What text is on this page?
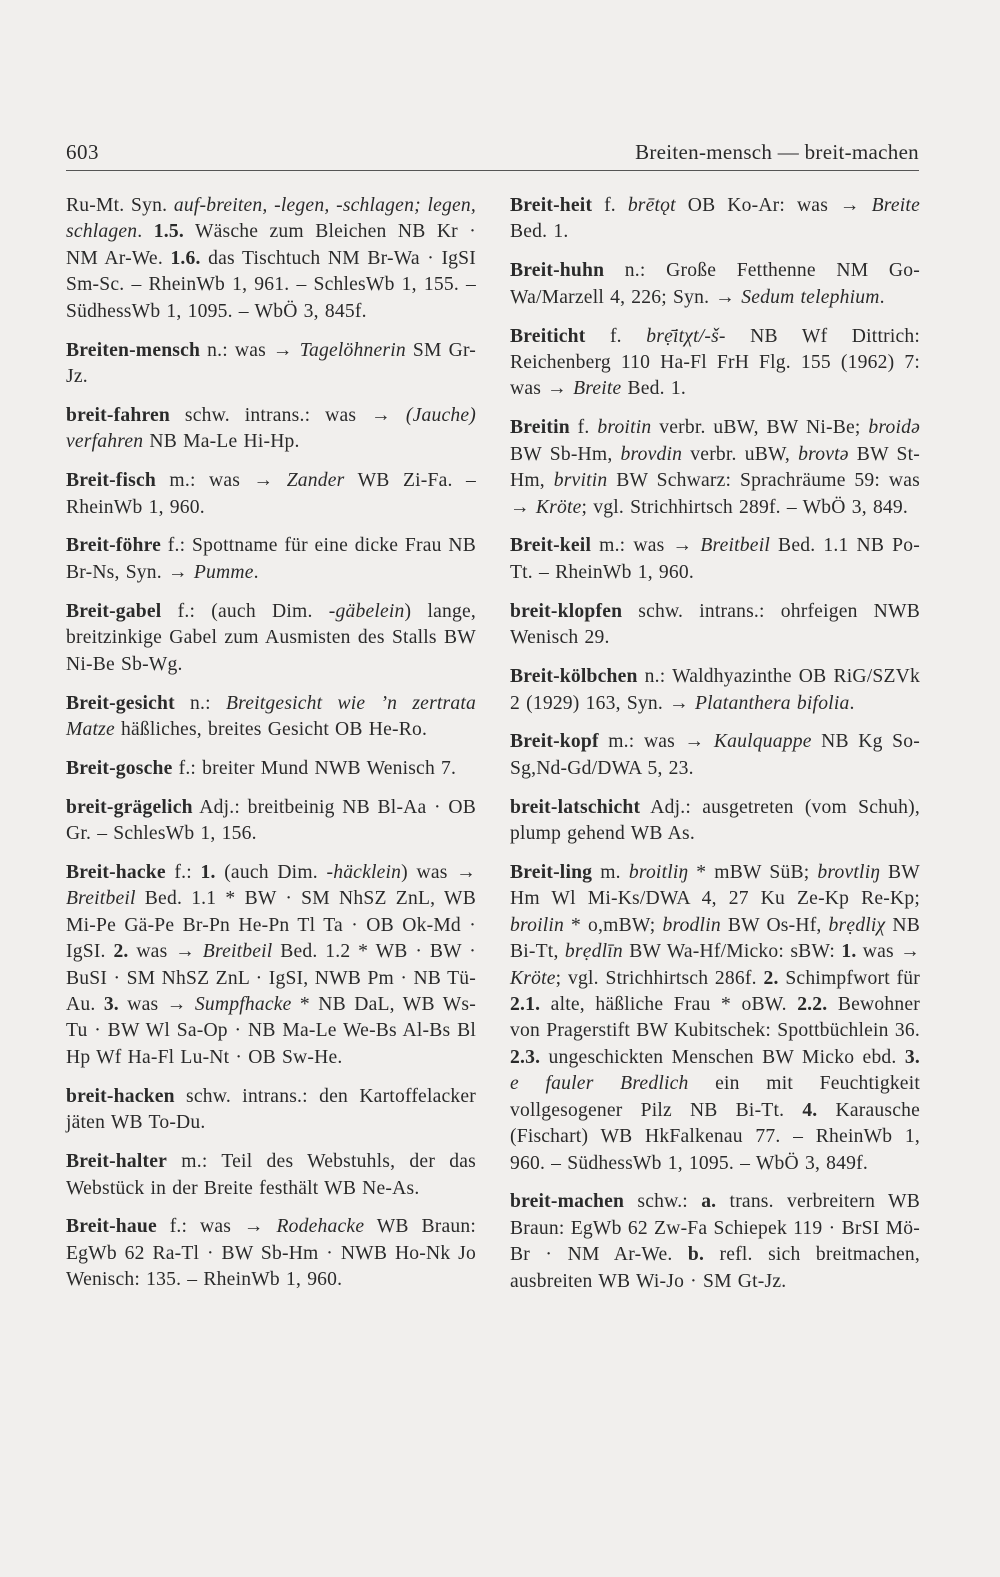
603	Breiten-mensch — breit-machen

Ru-Mt. Syn. auf-breiten, -legen, -schlagen; legen, schlagen. 1.5. Wäsche zum Bleichen NB Kr · NM Ar-We. 1.6. das Tischtuch NM Br-Wa · IgSI Sm-Sc. – RheinWb 1, 961. – SchlesWb 1, 155. – SüdhessWb 1, 1095. – WbÖ 3, 845f.

Breiten-mensch n.: was → Tagelöhnerin SM Gr-Jz.

breit-fahren schw. intrans.: was → (Jauche) verfahren NB Ma-Le Hi-Hp.

Breit-fisch m.: was → Zander WB Zi-Fa. – RheinWb 1, 960.

Breit-föhre f.: Spottname für eine dicke Frau NB Br-Ns, Syn. → Pumme.

Breit-gabel f.: (auch Dim. -gäbelein) lange, breitzinkige Gabel zum Ausmisten des Stalls BW Ni-Be Sb-Wg.

Breit-gesicht n.: Breitgesicht wie ’n zertrata Matze häßliches, breites Gesicht OB He-Ro.

Breit-gosche f.: breiter Mund NWB Wenisch 7.

breit-grägelich Adj.: breitbeinig NB Bl-Aa · OB Gr. – SchlesWb 1, 156.

Breit-hacke f.: 1. (auch Dim. -häcklein) was → Breitbeil Bed. 1.1 * BW · SM NhSZ ZnL, WB Mi-Pe Gä-Pe Br-Pn He-Pn Tl Ta · OB Ok-Md · IgSI. 2. was → Breitbeil Bed. 1.2 * WB · BW · BuSI · SM NhSZ ZnL · IgSI, NWB Pm · NB Tü-Au. 3. was → Sumpfhacke * NB DaL, WB Ws-Tu · BW Wl Sa-Op · NB Ma-Le We-Bs Al-Bs Bl Hp Wf Ha-Fl Lu-Nt · OB Sw-He.

breit-hacken schw. intrans.: den Kartoffelacker jäten WB To-Du.

Breit-halter m.: Teil des Webstuhls, der das Webstück in der Breite festhält WB Ne-As.

Breit-haue f.: was → Rodehacke WB Braun: EgWb 62 Ra-Tl · BW Sb-Hm · NWB Ho-Nk Jo Wenisch: 135. – RheinWb 1, 960.

Breit-heit f. brētǫt OB Ko-Ar: was → Breite Bed. 1.

Breit-huhn n.: Große Fetthenne NM Go-Wa/Marzell 4, 226; Syn. → Sedum telephium.

Breiticht f. brẹ̄itχt/-š- NB Wf Dittrich: Reichenberg 110 Ha-Fl FrH Flg. 155 (1962) 7: was → Breite Bed. 1.

Breitin f. broitin verbr. uBW, BW Ni-Be; broidə BW Sb-Hm, brovdin verbr. uBW, brovtə BW St-Hm, brvitin BW Schwarz: Sprachräume 59: was → Kröte; vgl. Strichhirtsch 289f. – WbÖ 3, 849.

Breit-keil m.: was → Breitbeil Bed. 1.1 NB Po-Tt. – RheinWb 1, 960.

breit-klopfen schw. intrans.: ohrfeigen NWB Wenisch 29.

Breit-kölbchen n.: Waldhyazinthe OB RiG/SZVk 2 (1929) 163, Syn. → Platanthera bifolia.

Breit-kopf m.: was → Kaulquappe NB Kg So-Sg,Nd-Gd/DWA 5, 23.

breit-latschicht Adj.: ausgetreten (vom Schuh), plump gehend WB As.

Breit-ling m. broitliŋ * mBW SüB; brovtliŋ BW Hm Wl Mi-Ks/DWA 4, 27 Ku Ze-Kp Re-Kp; broilin * o,mBW; brodlin BW Os-Hf, brẹdliχ NB Bi-Tt, brẹdlīn BW Wa-Hf/Micko: sBW: 1. was → Kröte; vgl. Strichhirtsch 286f. 2. Schimpfwort für 2.1. alte, häßliche Frau * oBW. 2.2. Bewohner von Pragerstift BW Kubitschek: Spottbüchlein 36. 2.3. ungeschickten Menschen BW Micko ebd. 3. e fauler Bredlich ein mit Feuchtigkeit vollgesogener Pilz NB Bi-Tt. 4. Karausche (Fischart) WB HkFalkenau 77. – RheinWb 1, 960. – SüdhessWb 1, 1095. – WbÖ 3, 849f.

breit-machen schw.: a. trans. verbreitern WB Braun: EgWb 62 Zw-Fa Schiepek 119 · BrSI Mö-Br · NM Ar-We. b. refl. sich breitmachen, ausbreiten WB Wi-Jo · SM Gt-Jz.
